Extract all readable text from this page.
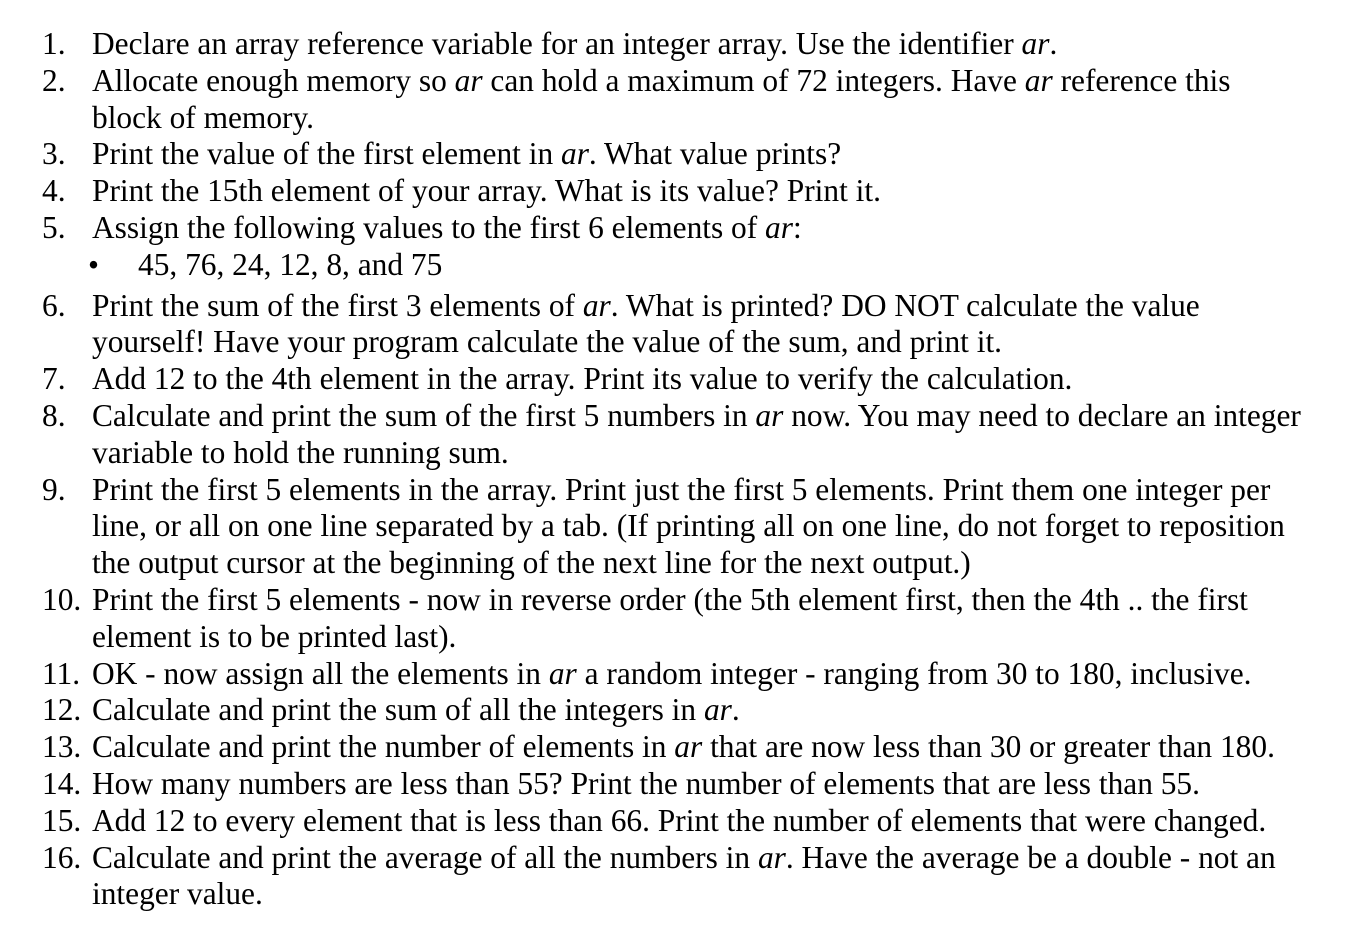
1. Declare an array reference variable for an integer array. Use the identifier ar.
2. Allocate enough memory so ar can hold a maximum of 72 integers. Have ar reference this
block of memory.
3. Print the value of the first element in ar. What value prints?
4. Print the 15th element of your array. What is its value? Print it.
5. Assign the following values to the first 6 elements of ar:
• 45, 76, 24, 12, 8, and 75
6. Print the sum of the first 3 elements of ar. What is printed? DO NOT calculate the value
yourself! Have your program calculate the value of the sum, and print it.
7. Add 12 to the 4th element in the array. Print its value to verify the calculation.
8. Calculate and print the sum of the first 5 numbers in ar now. You may need to declare an integer
variable to hold the running sum.
9. Print the first 5 elements in the array. Print just the first 5 elements. Print them one integer per
line, or all on one line separated by a tab. (If printing all on one line, do not forget to reposition
the output cursor at the beginning of the next line for the next output.)
10. Print the first 5 elements - now in reverse order (the 5th element first, then the 4th .. the first
element is to be printed last).
11. OK - now assign all the elements in ar a random integer - ranging from 30 to 180, inclusive.
12. Calculate and print the sum of all the integers in ar.
13. Calculate and print the number of elements in ar that are now less than 30 or greater than 180.
14. How many numbers are less than 55? Print the number of elements that are less than 55.
15. Add 12 to every element that is less than 66. Print the number of elements that were changed.
16. Calculate and print the average of all the numbers in ar. Have the average be a double - not an
integer value.
